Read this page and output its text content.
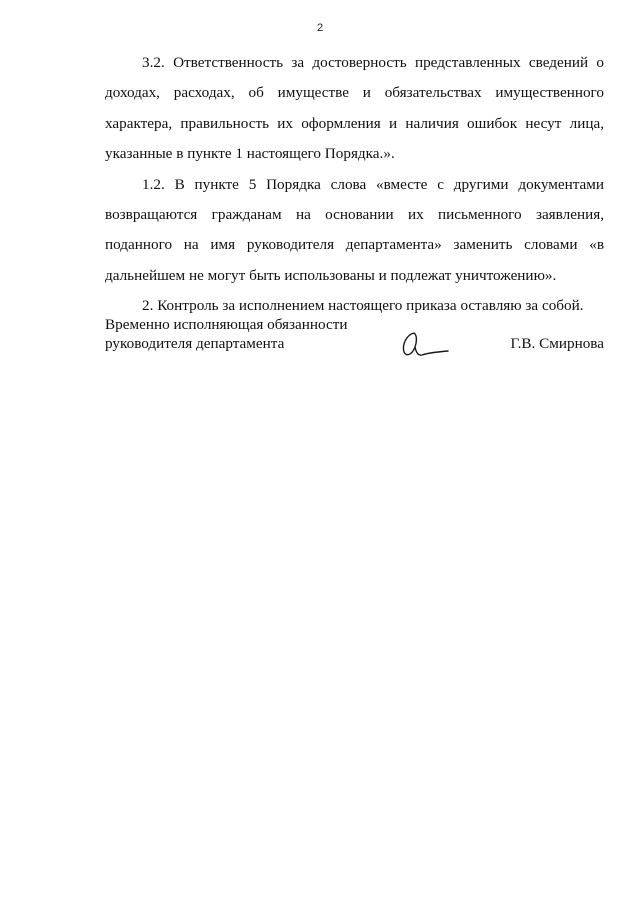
2

3.2. Ответственность за достоверность представленных сведений о доходах, расходах, об имуществе и обязательствах имущественного характера, правильность их оформления и наличия ошибок несут лица, указанные в пункте 1 настоящего Порядка.».

1.2. В пункте 5 Порядка слова «вместе с другими документами возвращаются гражданам на основании их письменного заявления, поданного на имя руководителя департамента» заменить словами «в дальнейшем не могут быть использованы и подлежат уничтожению».

2. Контроль за исполнением настоящего приказа оставляю за собой.

Временно исполняющая обязанности
руководителя департамента	Г.В. Смирнова
